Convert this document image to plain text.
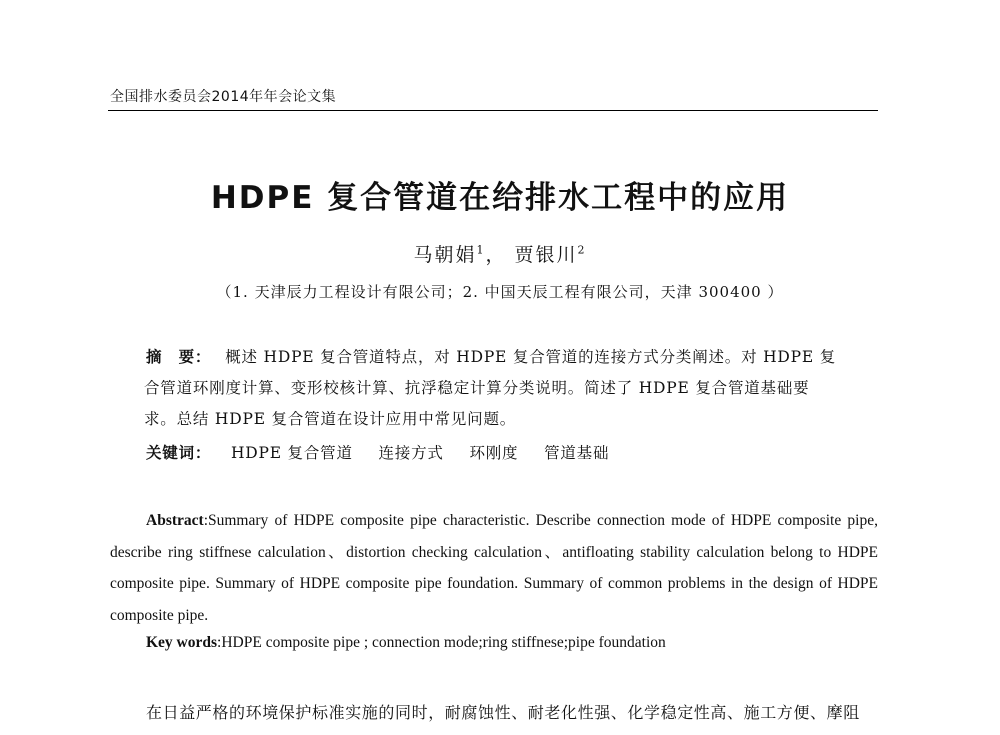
全国排水委员会2014年年会论文集
HDPE 复合管道在给排水工程中的应用
马朝娟$^1$， 贾银川$^2$
（1. 天津辰力工程设计有限公司；2. 中国天辰工程有限公司，天津 300400 ）
摘　要： 概述 HDPE 复合管道特点，对 HDPE 复合管道的连接方式分类阐述。对 HDPE 复
合管道环刚度计算、变形校核计算、抗浮稳定计算分类说明。简述了 HDPE 复合管道基础要
求。总结 HDPE 复合管道在设计应用中常见问题。
关键词： HDPE 复合管道 连接方式 环刚度 管道基础
Abstract:Summary of HDPE composite pipe characteristic. Describe connection mode of HDPE composite pipe, describe ring stiffnese calculation、distortion checking calculation、antifloating stability calculation belong to HDPE composite pipe. Summary of HDPE composite pipe foundation. Summary of common problems in the design of HDPE composite pipe.
Key words:HDPE composite pipe ; connection mode;ring stiffnese;pipe foundation
在日益严格的环境保护标准实施的同时，耐腐蚀性、耐老化性强、化学稳定性高、施工方便、摩阻
